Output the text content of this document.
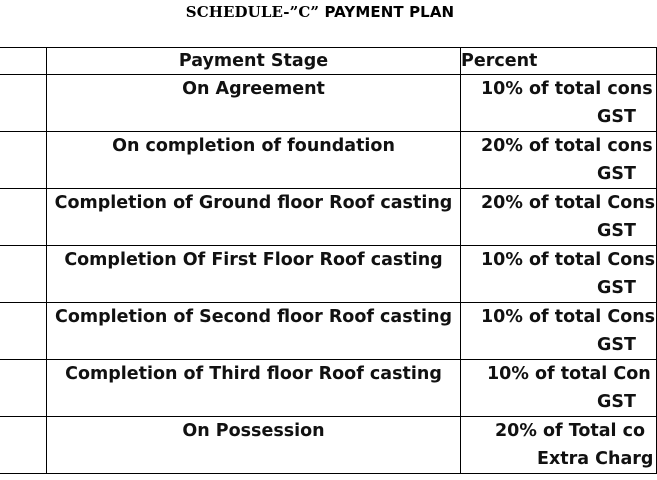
SCHEDULE-”C” PAYMENT PLAN
	Payment Stage	Percent
	On Agreement	10% of total cons
GST

	On completion of foundation	20% of total cons
GST

	Completion of Ground floor Roof casting	20% of total Cons
GST

	Completion Of First Floor Roof casting	10% of total Cons
GST

	Completion of Second floor Roof casting	10% of total Cons
GST

	Completion of Third floor Roof casting	10% of total Con
GST

	On Possession	20% of Total co
Extra Charg
